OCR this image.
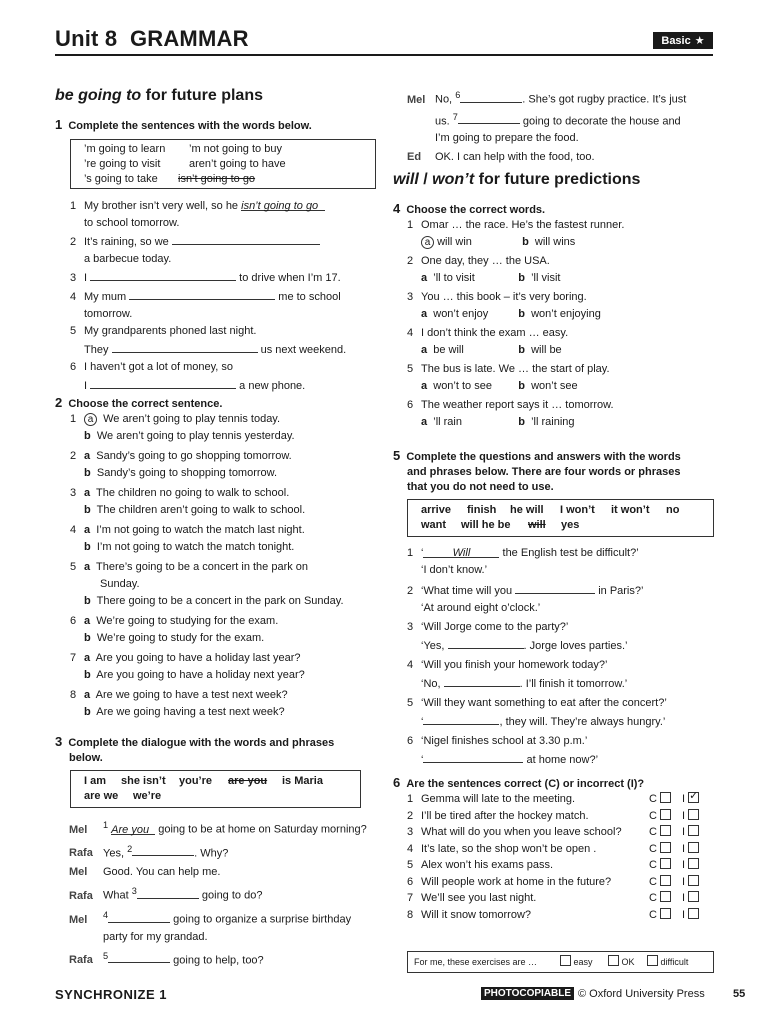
Unit 8 GRAMMAR	Basic ★
be going to for future plans
1 Complete the sentences with the words below.
’m going to learn ’m not going to buy
’re going to visit	aren’t going to have
’s going to take isn’t going to go
1 My brother isn’t very well, so he isn’t going to go
to school tomorrow.
2 It’s raining, so we
a barbecue today.
3 I	to drive when I’m 17.
4 My mum	me to school
tomorrow.
5 My grandparents phoned last night.
They	us next weekend.
6 I haven’t got a lot of money, so
I	a new phone.
2 Choose the correct sentence.
1 a We aren’t going to play tennis today.
b We aren’t going to play tennis yesterday.
2 a Sandy’s going to go shopping tomorrow.
b Sandy’s going to shopping tomorrow.
3 a The children no going to walk to school.
b The children aren’t going to walk to school.
4 a I’m not going to watch the match last night.
b I’m not going to watch the match tonight.
5 a There’s going to be a concert in the park on
Sunday.
b There going to be a concert in the park on Sunday.
6 a We’re going to studying for the exam.
b We’re going to study for the exam.
7 a Are you going to have a holiday last year?
b Are you going to have a holiday next year?
8 a Are we going to have a test next week?
b Are we going having a test next week?
3 Complete the dialogue with the words and phrases
below.
I am she isn’t you’re are you is Maria
are we we’re
Mel $^1$ Are you going to be at home on Saturday morning?
Rafa Yes, $^2$	. Why?
Mel Good. You can help me.
Rafa What $^3$	going to do?
Mel $^4$	going to organize a surprise birthday
party for my grandad.
Rafa $^5$	going to help, too?
Mel No, $^6$	. She’s got rugby practice. It’s just
us. $^7$	going to decorate the house and
I’m going to prepare the food.
Ed OK. I can help with the food, too.
will / won’t for future predictions
4 Choose the correct words.
1 Omar … the race. He’s the fastest runner.
a will win	b will wins
2 One day, they … the USA.
a ’ll to visit	b ’ll visit
3 You … this book – it’s very boring.
a won’t enjoy	b won’t enjoying
4 I don’t think the exam … easy.
a be will	b will be
5 The bus is late. We … the start of play.
a won’t to see b won’t see
6 The weather report says it … tomorrow.
a ’ll rain	b ’ll raining
5 Complete the questions and answers with the words
and phrases below. There are four words or phrases
that you do not need to use.
arrive finish he will I won’t it won’t no
want will he be will yes
1 ‘	Will	the English test be difficult?’
‘I don’t know.’
2 ‘What time will you	in Paris?’
‘At around eight o’clock.’
3 ‘Will Jorge come to the party?’
‘Yes,	. Jorge loves parties.’
4 ‘Will you finish your homework today?’
‘No,	. I’ll finish it tomorrow.’
5 ‘Will they want something to eat after the concert?’
‘	, they will. They’re always hungry.’
6 ‘Nigel finishes school at 3.30 p.m.’
‘	at home now?’
6 Are the sentences correct (C) or incorrect (I)?
1 Gemma will late to the meeting.	C	I ✓
2 I’ll be tired after the hockey match.	C	I
3 What will do you when you leave school? C	I
4 It’s late, so the shop won’t be open .	C	I
5 Alex won’t his exams pass.	C	I
6 Will people work at home in the future?	C	I
7 We’ll see you last night.	C	I
8 Will it snow tomorrow?	C	I
For me, these exercises are …	easy	OK	difficult
SYNCHRONIZE 1	PHOTOCOPIABLE © Oxford University Press	55
